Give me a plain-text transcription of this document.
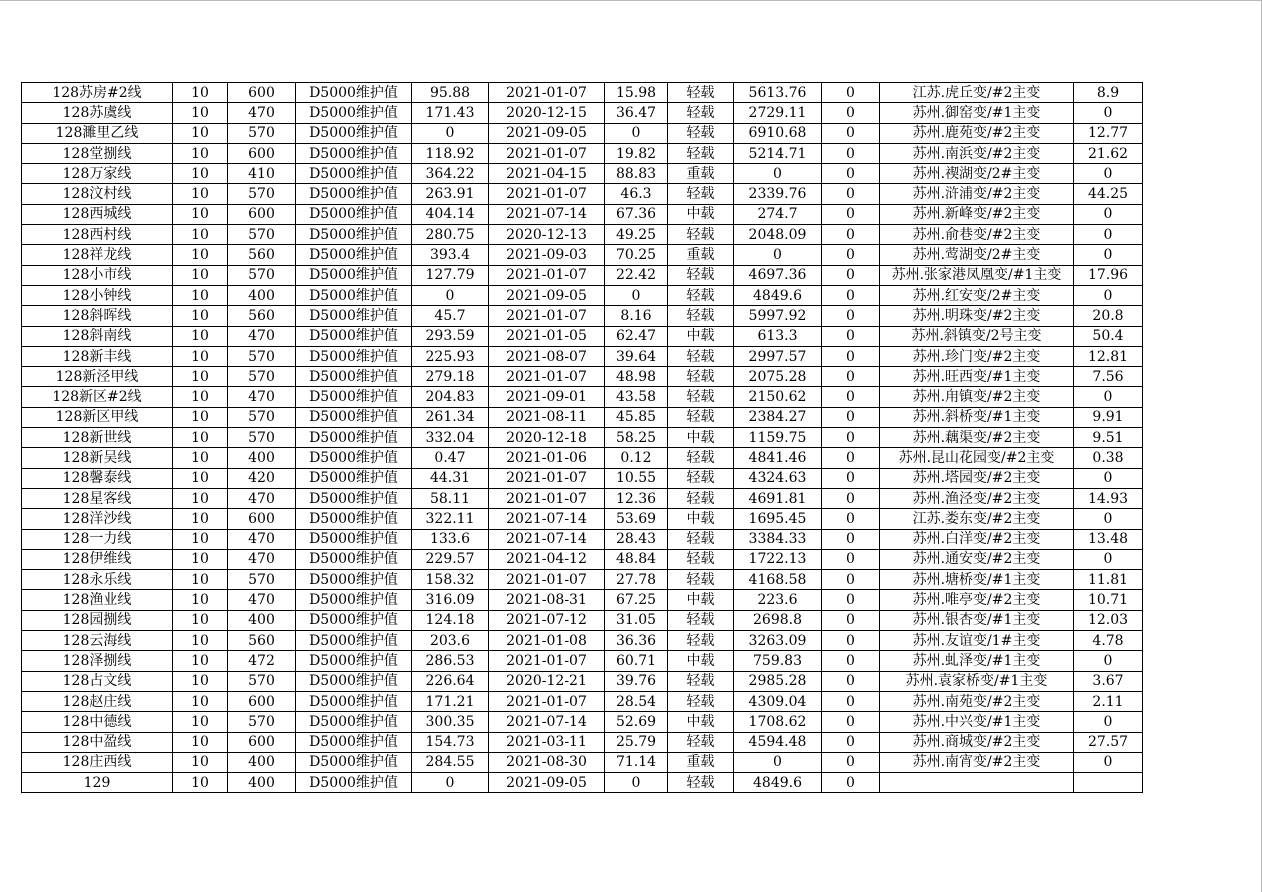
128苏房#2线	10	600	D5000维护值	95.88	2021-01-07	15.98	轻载	5613.76	0	江苏.虎丘变/#2主变	8.9
128苏虞线	10	470	D5000维护值	171.43	2020-12-15	36.47	轻载	2729.11	0	苏州.御窑变/#1主变	0
128濉里乙线	10	570	D5000维护值	0	2021-09-05	0	轻载	6910.68	0	苏州.鹿苑变/#2主变	12.77
128堂捌线	10	600	D5000维护值	118.92	2021-01-07	19.82	轻载	5214.71	0	苏州.南浜变/#2主变	21.62
128万家线	10	410	D5000维护值	364.22	2021-04-15	88.83	重载	0	0	苏州.禊湖变/2#主变	0
128汶村线	10	570	D5000维护值	263.91	2021-01-07	46.3	轻载	2339.76	0	苏州.浒浦变/#2主变	44.25
128西城线	10	600	D5000维护值	404.14	2021-07-14	67.36	中载	274.7	0	苏州.新峰变/#2主变	0
128西村线	10	570	D5000维护值	280.75	2020-12-13	49.25	轻载	2048.09	0	苏州.俞巷变/#2主变	0
128祥龙线	10	560	D5000维护值	393.4	2021-09-03	70.25	重载	0	0	苏州.莺湖变/2#主变	0
128小市线	10	570	D5000维护值	127.79	2021-01-07	22.42	轻载	4697.36	0	苏州.张家港凤凰变/#1主变	17.96
128小钟线	10	400	D5000维护值	0	2021-09-05	0	轻载	4849.6	0	苏州.红安变/2#主变	0
128斜晖线	10	560	D5000维护值	45.7	2021-01-07	8.16	轻载	5997.92	0	苏州.明珠变/#2主变	20.8
128斜南线	10	470	D5000维护值	293.59	2021-01-05	62.47	中载	613.3	0	苏州.斜镇变/2号主变	50.4
128新丰线	10	570	D5000维护值	225.93	2021-08-07	39.64	轻载	2997.57	0	苏州.珍门变/#2主变	12.81
128新泾甲线	10	570	D5000维护值	279.18	2021-01-07	48.98	轻载	2075.28	0	苏州.旺西变/#1主变	7.56
128新区#2线	10	470	D5000维护值	204.83	2021-09-01	43.58	轻载	2150.62	0	苏州.甪镇变/#2主变	0
128新区甲线	10	570	D5000维护值	261.34	2021-08-11	45.85	轻载	2384.27	0	苏州.斜桥变/#1主变	9.91
128新世线	10	570	D5000维护值	332.04	2020-12-18	58.25	中载	1159.75	0	苏州.藕渠变/#2主变	9.51
128新吴线	10	400	D5000维护值	0.47	2021-01-06	0.12	轻载	4841.46	0	苏州.昆山花园变/#2主变	0.38
128馨泰线	10	420	D5000维护值	44.31	2021-01-07	10.55	轻载	4324.63	0	苏州.塔园变/#2主变	0
128星客线	10	470	D5000维护值	58.11	2021-01-07	12.36	轻载	4691.81	0	苏州.渔泾变/#2主变	14.93
128洋沙线	10	600	D5000维护值	322.11	2021-07-14	53.69	中载	1695.45	0	江苏.娄东变/#2主变	0
128一力线	10	470	D5000维护值	133.6	2021-07-14	28.43	轻载	3384.33	0	苏州.白洋变/#2主变	13.48
128伊维线	10	470	D5000维护值	229.57	2021-04-12	48.84	轻载	1722.13	0	苏州.通安变/#2主变	0
128永乐线	10	570	D5000维护值	158.32	2021-01-07	27.78	轻载	4168.58	0	苏州.塘桥变/#1主变	11.81
128渔业线	10	470	D5000维护值	316.09	2021-08-31	67.25	中载	223.6	0	苏州.唯亭变/#2主变	10.71
128园捌线	10	400	D5000维护值	124.18	2021-07-12	31.05	轻载	2698.8	0	苏州.银杏变/#1主变	12.03
128云海线	10	560	D5000维护值	203.6	2021-01-08	36.36	轻载	3263.09	0	苏州.友谊变/1#主变	4.78
128泽捌线	10	472	D5000维护值	286.53	2021-01-07	60.71	中载	759.83	0	苏州.虬泽变/#1主变	0
128占文线	10	570	D5000维护值	226.64	2020-12-21	39.76	轻载	2985.28	0	苏州.袁家桥变/#1主变	3.67
128赵庄线	10	600	D5000维护值	171.21	2021-01-07	28.54	轻载	4309.04	0	苏州.南苑变/#2主变	2.11
128中德线	10	570	D5000维护值	300.35	2021-07-14	52.69	中载	1708.62	0	苏州.中兴变/#1主变	0
128中盈线	10	600	D5000维护值	154.73	2021-03-11	25.79	轻载	4594.48	0	苏州.商城变/#2主变	27.57
128庄西线	10	400	D5000维护值	284.55	2021-08-30	71.14	重载	0	0	苏州.南宵变/#2主变	0
129	10	400	D5000维护值	0	2021-09-05	0	轻载	4849.6	0		
